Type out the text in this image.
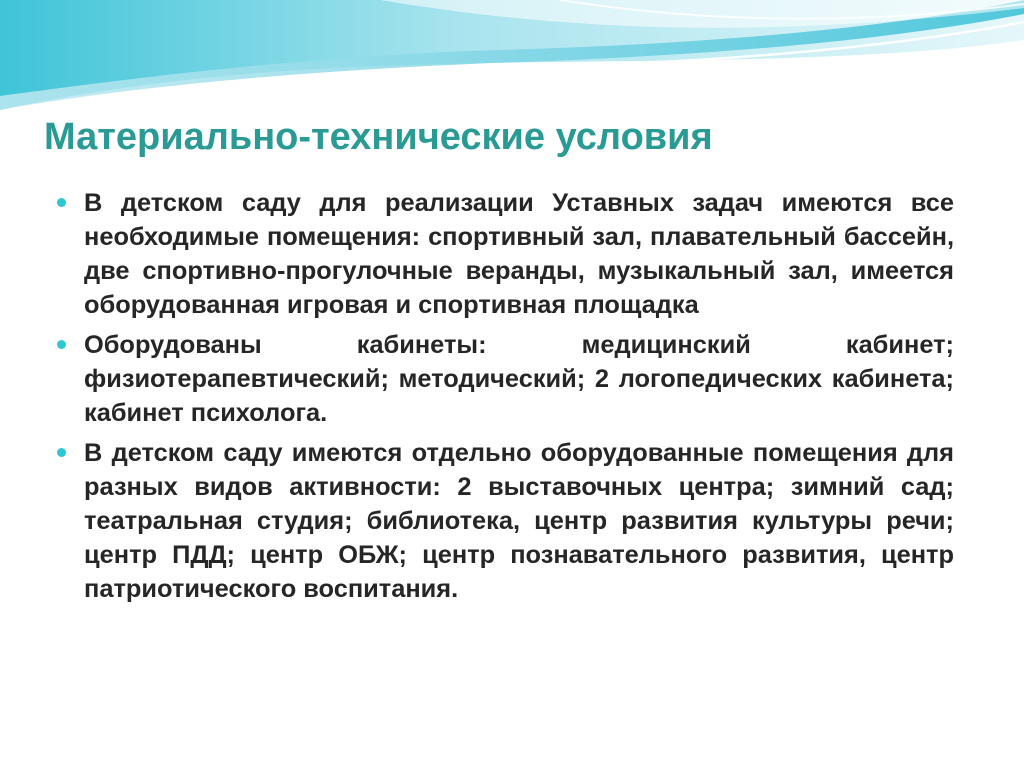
Материально-технические условия
В детском саду для реализации Уставных задач имеются все необходимые помещения: спортивный зал, плавательный бассейн, две спортивно-прогулочные веранды, музыкальный зал, имеется оборудованная игровая и спортивная площадка
Оборудованы кабинеты: медицинский кабинет; физиотерапевтический; методический; 2 логопедических кабинета; кабинет психолога.
В детском саду имеются отдельно оборудованные помещения для разных видов активности: 2 выставочных центра; зимний сад; театральная студия; библиотека, центр развития культуры речи; центр ПДД; центр ОБЖ; центр познавательного развития, центр патриотического воспитания.
